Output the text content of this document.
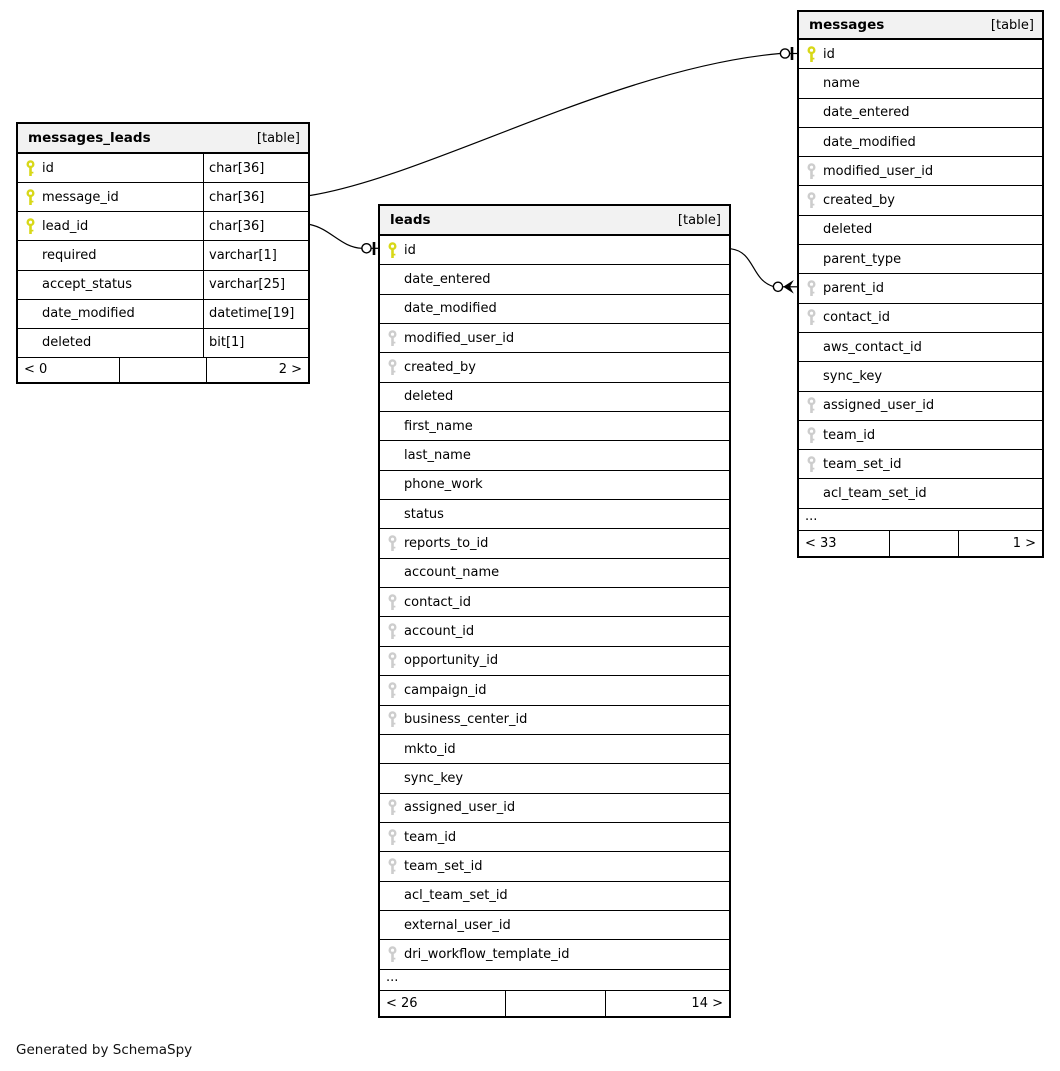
messages_leads	[table]
id	char[36]
message_id	char[36]
lead_id	char[36]
required	varchar[1]
accept_status	varchar[25]
date_modified	datetime[19]
deleted	bit[1]
< 0	2 >
leads	[table]
id
date_entered
date_modified
modified_user_id
created_by
deleted
first_name
last_name
phone_work
status
reports_to_id
account_name
contact_id
account_id
opportunity_id
campaign_id
business_center_id
mkto_id
sync_key
assigned_user_id
team_id
team_set_id
acl_team_set_id
external_user_id
dri_workflow_template_id
...
< 26	14 >
messages	[table]
id
name
date_entered
date_modified
modified_user_id
created_by
deleted
parent_type
parent_id
contact_id
aws_contact_id
sync_key
assigned_user_id
team_id
team_set_id
acl_team_set_id
...
< 33	1 >
Generated by SchemaSpy
